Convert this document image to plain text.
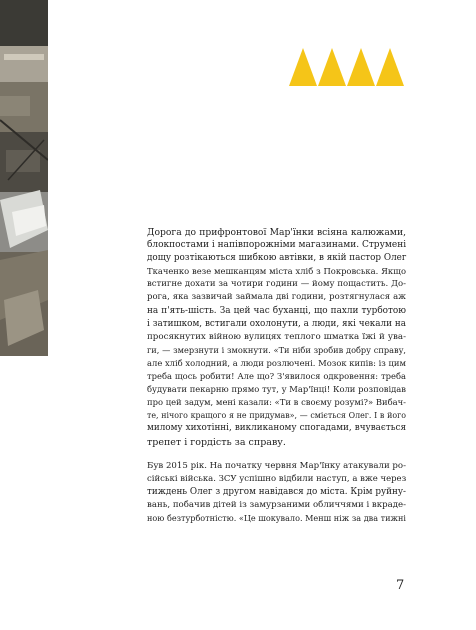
Дорога до прифронтової Мар'їнки всіяна калюжами,
блокпостами і напівпорожніми магазинами. Струмені
дощу розтікаються шибкою автівки, в якій пастор Олег
Ткаченко везе мешканцям міста хліб з Покровська. Якщо
встигне дохати за чотири години — йому пощастить. До-
рога, яка зазвичай займала дві години, розтягнулася аж
на п'ять-шість. За цей час буханці, що пахли турботою
і затишком, встигали охолонути, а люди, які чекали на
просякнутих війною вулицях теплого шматка їжі й ува-
ги, — змерзнути і змокнути. «Ти ніби зробив добру справу,
але хліб холодний, а люди розлючені. Мозок кипів: із цим
треба щось робити! Але що? З'явилося одкровення: треба
будувати пекарню прямо тут, у Мар'їнці! Коли розповідав
про цей задум, мені казали: «Ти в своєму розумі?» Вибач-
те, нічого кращого я не придумав», — сміється Олег. І в його
милому хихотінні, викликаному спогадами, вчувається
трепет і гордість за справу.

Був 2015 рік. На початку червня Мар'їнку атакували ро-
сійські війська. ЗСУ успішно відбили наступ, а вже через
тиждень Олег з другом навідався до міста. Крім руйну-
вань, побачив дітей із замурзаними обличчями і вкраде-
ною безтурботністю. «Це шокувало. Менш ніж за два тижні

7
